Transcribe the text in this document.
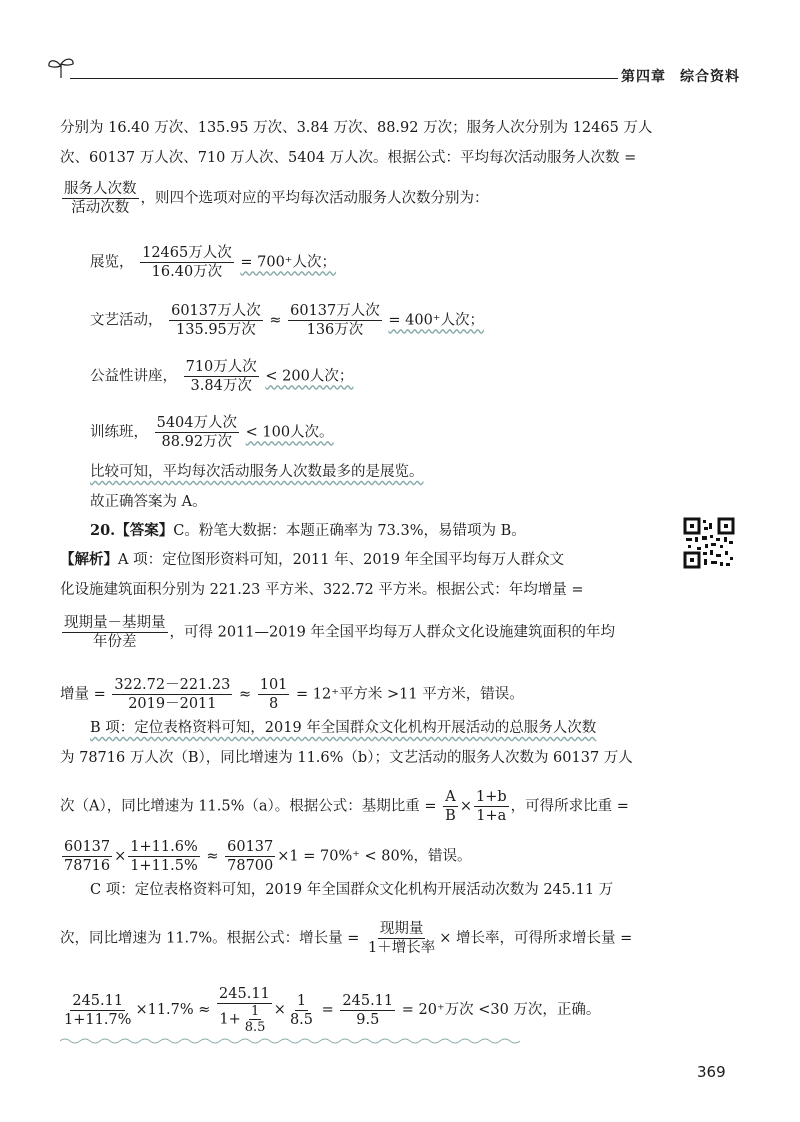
第四章 综合资料
分别为 16.40 万次、135.95 万次、3.84 万次、88.92 万次；服务人次分别为 12465 万人
次、60137 万人次、710 万人次、5404 万人次。根据公式：平均每次活动服务人次数 =
$\frac{\text{服务人次数}}{\text{活动次数}}$ ，则四个选项对应的平均每次活动服务人次数分别为：
展览， $\frac{\text{12465万人次}}{\text{16.40万次}} = 700^+$人次；
文艺活动， $\frac{\text{60137万人次}}{\text{135.95万次}} \approx \frac{\text{60137万人次}}{\text{136万次}} = 400^+$人次；
公益性讲座， $\frac{\text{710万人次}}{\text{3.84万次}} < 200$人次；
训练班， $\frac{\text{5404万人次}}{\text{88.92万次}} < 100$人次。
比较可知，平均每次活动服务人次数最多的是展览。
故正确答案为 A。
20.【答案】C。粉笔大数据：本题正确率为 73.3%，易错项为 B。
【解析】A 项：定位图形资料可知，2011 年、2019 年全国平均每万人群众文
化设施建筑面积分别为 221.23 平方米、322.72 平方米。根据公式：年均增量 =
$\frac{\text{现期量－基期量}}{\text{年份差}}$ ，可得 2011—2019 年全国平均每万人群众文化设施建筑面积的年均
增量 = $\frac{322.72-221.23}{2019-2011} \approx \frac{101}{8} = 12^+$平方米 >11 平方米，错误。
B 项：定位表格资料可知，2019 年全国群众文化机构开展活动的总服务人次数
为 78716 万人次（B），同比增速为 11.6%（b）；文艺活动的服务人次数为 60137 万人
次（A），同比增速为 11.5%（a）。根据公式：基期比重 = $\frac{A}{B} \times \frac{1+b}{1+a}$ ，可得所求比重 =
$\frac{60137}{78716} \times \frac{1+11.6\%}{1+11.5\%} \approx \frac{60137}{78700} \times 1 = 70\%^+ < 80\%$，错误。
C 项：定位表格资料可知，2019 年全国群众文化机构开展活动次数为 245.11 万
次，同比增速为 11.7%。根据公式：增长量 = $\frac{\text{现期量}}{\text{1＋增长率}}$ × 增长率，可得所求增长量 =
$\frac{245.11}{1+11.7\%} \times 11.7\% \approx \frac{245.11}{1+ \frac{1}{8.5}} \times \frac{1}{8.5} = \frac{245.11}{9.5} = 20^+$万次 <30 万次，正确。
369
